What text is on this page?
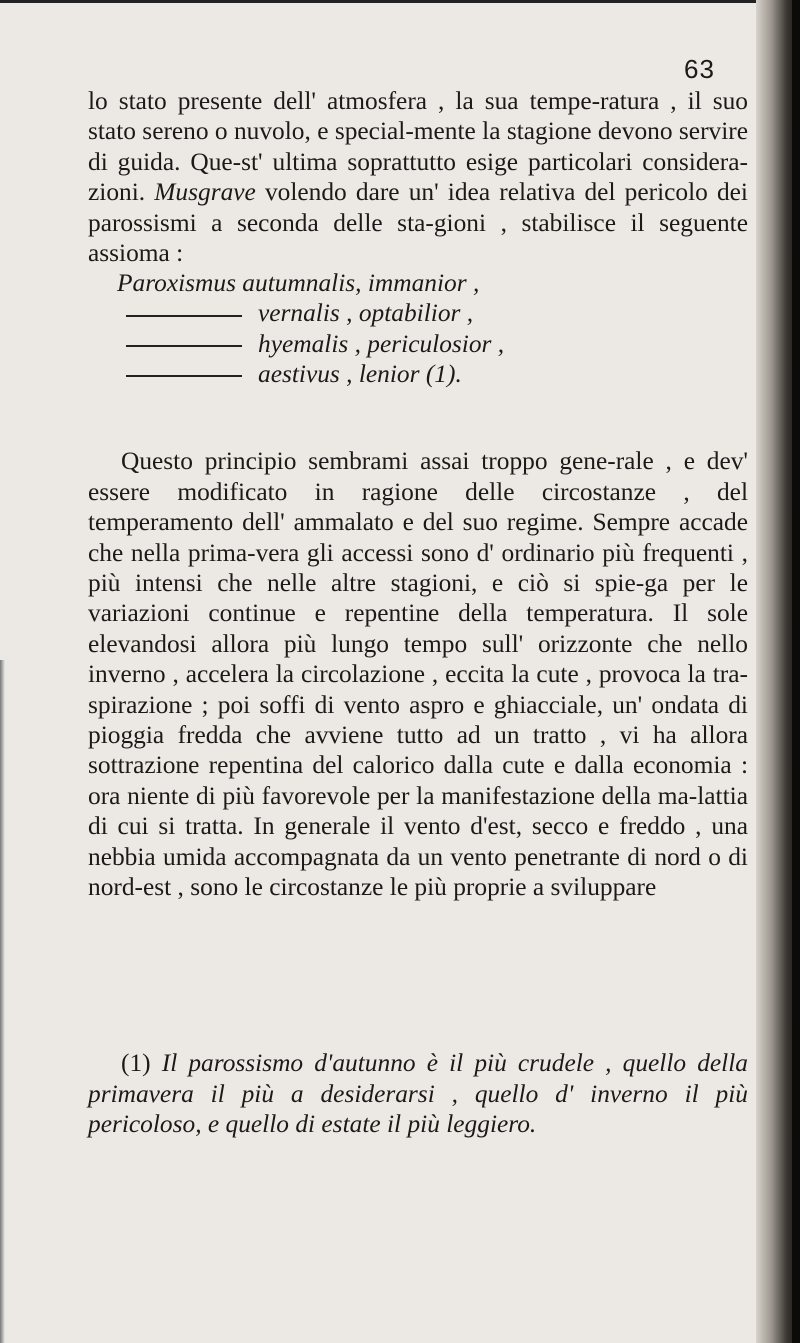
63

lo stato presente dell' atmosfera , la sua tempe-ratura , il suo stato sereno o nuvolo, e special-mente la stagione devono servire di guida. Que-st' ultima soprattutto esige particolari considera-zioni. Musgrave volendo dare un' idea relativa del pericolo dei parossismi a seconda delle sta-gioni , stabilisce il seguente assioma :

Paroxismus autumnalis, immanior ,
vernalis , optabilior ,
hyemalis , periculosior ,
aestivus , lenior (1).

Questo principio sembrami assai troppo gene-rale , e dev' essere modificato in ragione delle circostanze , del temperamento dell' ammalato e del suo regime. Sempre accade che nella prima-vera gli accessi sono d' ordinario più frequenti , più intensi che nelle altre stagioni, e ciò si spie-ga per le variazioni continue e repentine della temperatura. Il sole elevandosi allora più lungo tempo sull' orizzonte che nello inverno , accelera la circolazione , eccita la cute , provoca la tra-spirazione ; poi soffi di vento aspro e ghiacciale, un' ondata di pioggia fredda che avviene tutto ad un tratto , vi ha allora sottrazione repentina del calorico dalla cute e dalla economia : ora niente di più favorevole per la manifestazione della ma-lattia di cui si tratta. In generale il vento d'est, secco e freddo , una nebbia umida accompagnata da un vento penetrante di nord o di nord-est , sono le circostanze le più proprie a sviluppare

(1) Il parossismo d'autunno è il più crudele , quello della primavera il più a desiderarsi , quello d' inverno il più pericoloso, e quello di estate il più leggiero.
